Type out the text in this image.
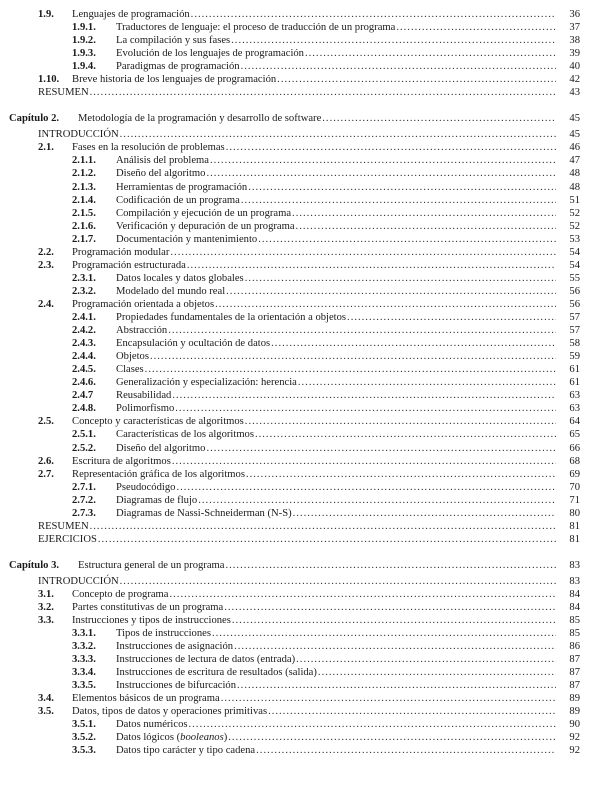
1.9. Lenguajes de programación .....	36
1.9.1. Traductores de lenguaje: el proceso de traducción de un programa .....	37
1.9.2. La compilación y sus fases .....	38
1.9.3. Evolución de los lenguajes de programación .....	39
1.9.4. Paradigmas de programación .....	40
1.10. Breve historia de los lenguajes de programación .....	42
RESUMEN .....	43
Capítulo 2. Metodología de la programación y desarrollo de software .....	45
INTRODUCCIÓN .....	45
2.1. Fases en la resolución de problemas .....	46
2.1.1. Análisis del problema .....	47
2.1.2. Diseño del algoritmo .....	48
2.1.3. Herramientas de programación .....	48
2.1.4. Codificación de un programa .....	51
2.1.5. Compilación y ejecución de un programa .....	52
2.1.6. Verificación y depuración de un programa .....	52
2.1.7. Documentación y mantenimiento .....	53
2.2. Programación modular .....	54
2.3. Programación estructurada .....	54
2.3.1. Datos locales y datos globales .....	55
2.3.2. Modelado del mundo real .....	56
2.4. Programación orientada a objetos .....	56
2.4.1. Propiedades fundamentales de la orientación a objetos .....	57
2.4.2. Abstracción .....	57
2.4.3. Encapsulación y ocultación de datos .....	58
2.4.4. Objetos .....	59
2.4.5. Clases .....	61
2.4.6. Generalización y especialización: herencia .....	61
2.4.7 Reusabilidad .....	63
2.4.8. Polimorfismo .....	63
2.5. Concepto y características de algoritmos .....	64
2.5.1. Características de los algoritmos .....	65
2.5.2. Diseño del algoritmo .....	66
2.6. Escritura de algoritmos .....	68
2.7. Representación gráfica de los algoritmos .....	69
2.7.1. Pseudocódigo .....	70
2.7.2. Diagramas de flujo .....	71
2.7.3. Diagramas de Nassi-Schneiderman (N-S) .....	80
RESUMEN .....	81
EJERCICIOS .....	81
Capítulo 3. Estructura general de un programa .....	83
INTRODUCCIÓN .....	83
3.1. Concepto de programa .....	84
3.2. Partes constitutivas de un programa .....	84
3.3. Instrucciones y tipos de instrucciones .....	85
3.3.1. Tipos de instrucciones .....	85
3.3.2. Instrucciones de asignación .....	86
3.3.3. Instrucciones de lectura de datos (entrada) .....	87
3.3.4. Instrucciones de escritura de resultados (salida) .....	87
3.3.5. Instrucciones de bifurcación .....	87
3.4. Elementos básicos de un programa .....	89
3.5. Datos, tipos de datos y operaciones primitivas .....	89
3.5.1. Datos numéricos .....	90
3.5.2. Datos lógicos (booleanos) .....	92
3.5.3. Datos tipo carácter y tipo cadena .....	92
